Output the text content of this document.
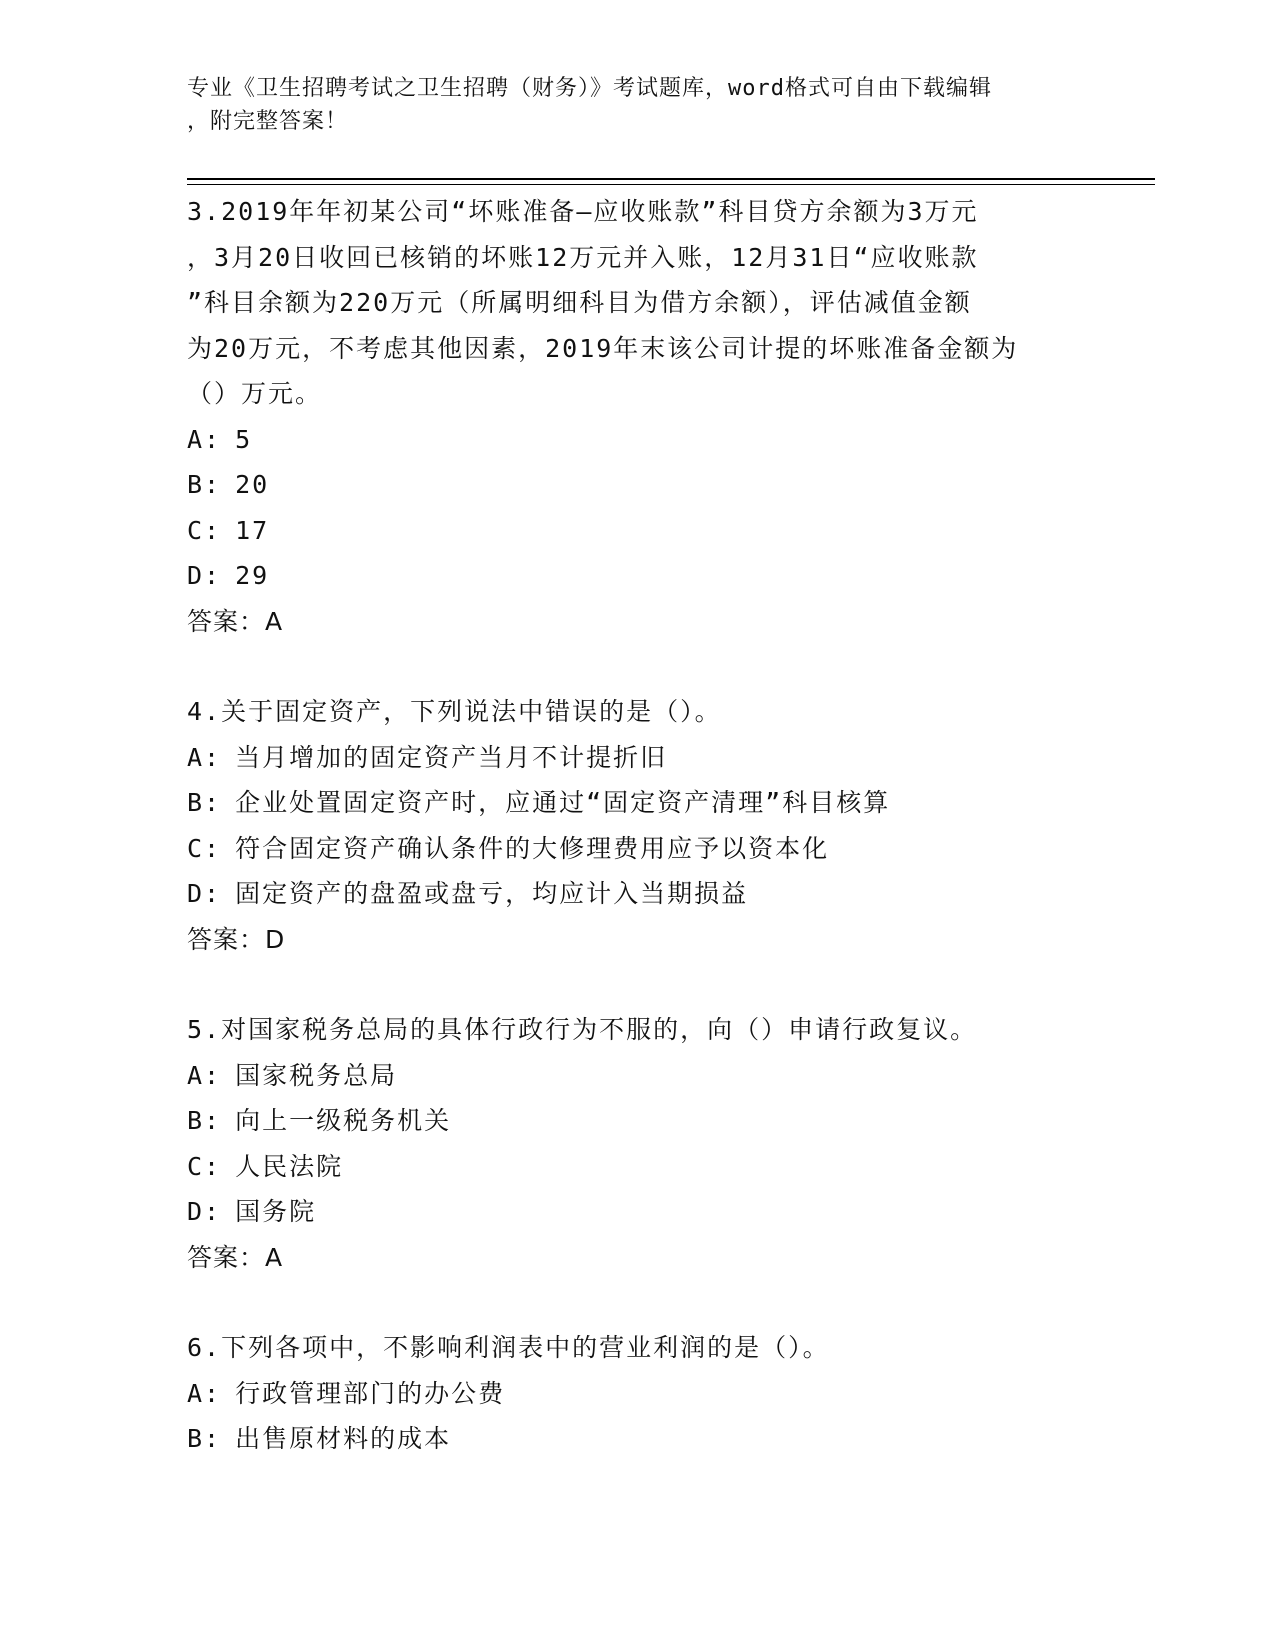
专业《卫生招聘考试之卫生招聘（财务）》考试题库，word格式可自由下载编辑
，附完整答案！

3.2019年年初某公司“坏账准备—应收账款”科目贷方余额为3万元

，3月20日收回已核销的坏账12万元并入账，12月31日“应收账款

”科目余额为220万元（所属明细科目为借方余额），评估减值金额

为20万元，不考虑其他因素，2019年末该公司计提的坏账准备金额为

（）万元。

A: 5

B: 20

C: 17

D: 29

答案：A

4.关于固定资产，下列说法中错误的是（）。

A: 当月增加的固定资产当月不计提折旧

B: 企业处置固定资产时，应通过“固定资产清理”科目核算

C: 符合固定资产确认条件的大修理费用应予以资本化

D: 固定资产的盘盈或盘亏，均应计入当期损益

答案：D

5.对国家税务总局的具体行政行为不服的，向（）申请行政复议。

A: 国家税务总局

B: 向上一级税务机关

C: 人民法院

D: 国务院

答案：A

6.下列各项中，不影响利润表中的营业利润的是（）。

A: 行政管理部门的办公费

B: 出售原材料的成本
